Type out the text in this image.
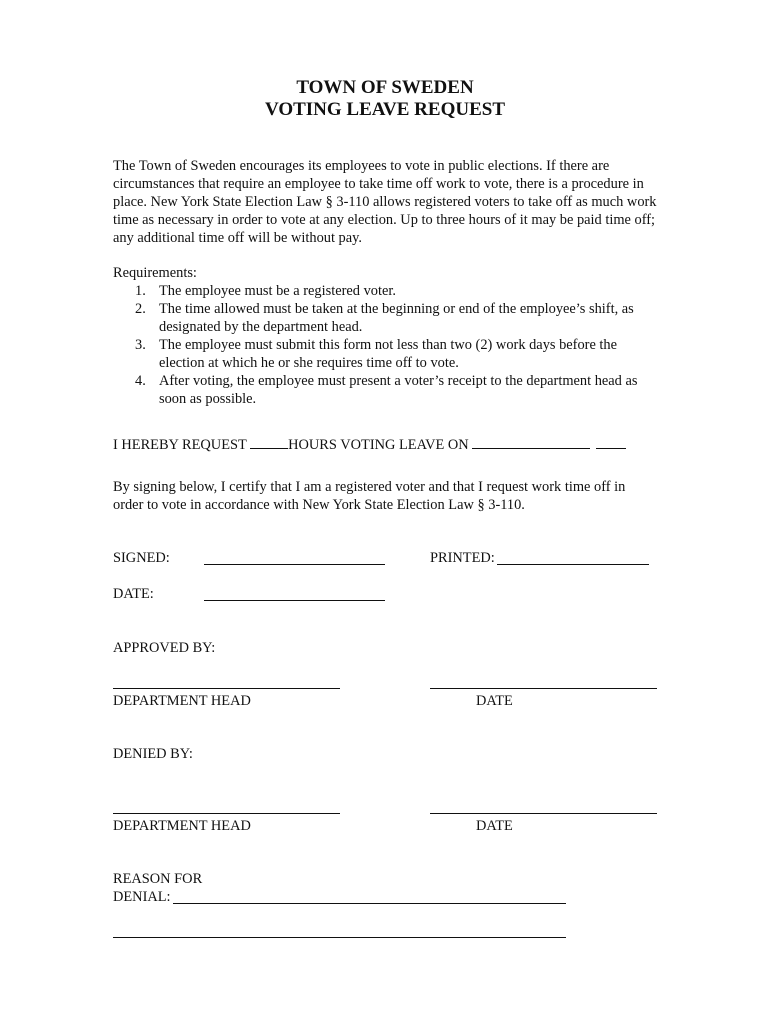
TOWN OF SWEDEN
VOTING LEAVE REQUEST
The Town of Sweden encourages its employees to vote in public elections. If there are circumstances that require an employee to take time off work to vote, there is a procedure in place. New York State Election Law § 3-110 allows registered voters to take off as much work time as necessary in order to vote at any election. Up to three hours of it may be paid time off; any additional time off will be without pay.
Requirements:
1. The employee must be a registered voter.
2. The time allowed must be taken at the beginning or end of the employee’s shift, as designated by the department head.
3. The employee must submit this form not less than two (2) work days before the election at which he or she requires time off to vote.
4. After voting, the employee must present a voter’s receipt to the department head as soon as possible.
I HEREBY REQUEST	HOURS VOTING LEAVE ON
By signing below, I certify that I am a registered voter and that I request work time off in order to vote in accordance with New York State Election Law § 3-110.
SIGNED:	PRINTED:
DATE:
APPROVED BY:
DEPARTMENT HEAD	DATE
DENIED BY:
DEPARTMENT HEAD	DATE
REASON FOR
DENIAL:
